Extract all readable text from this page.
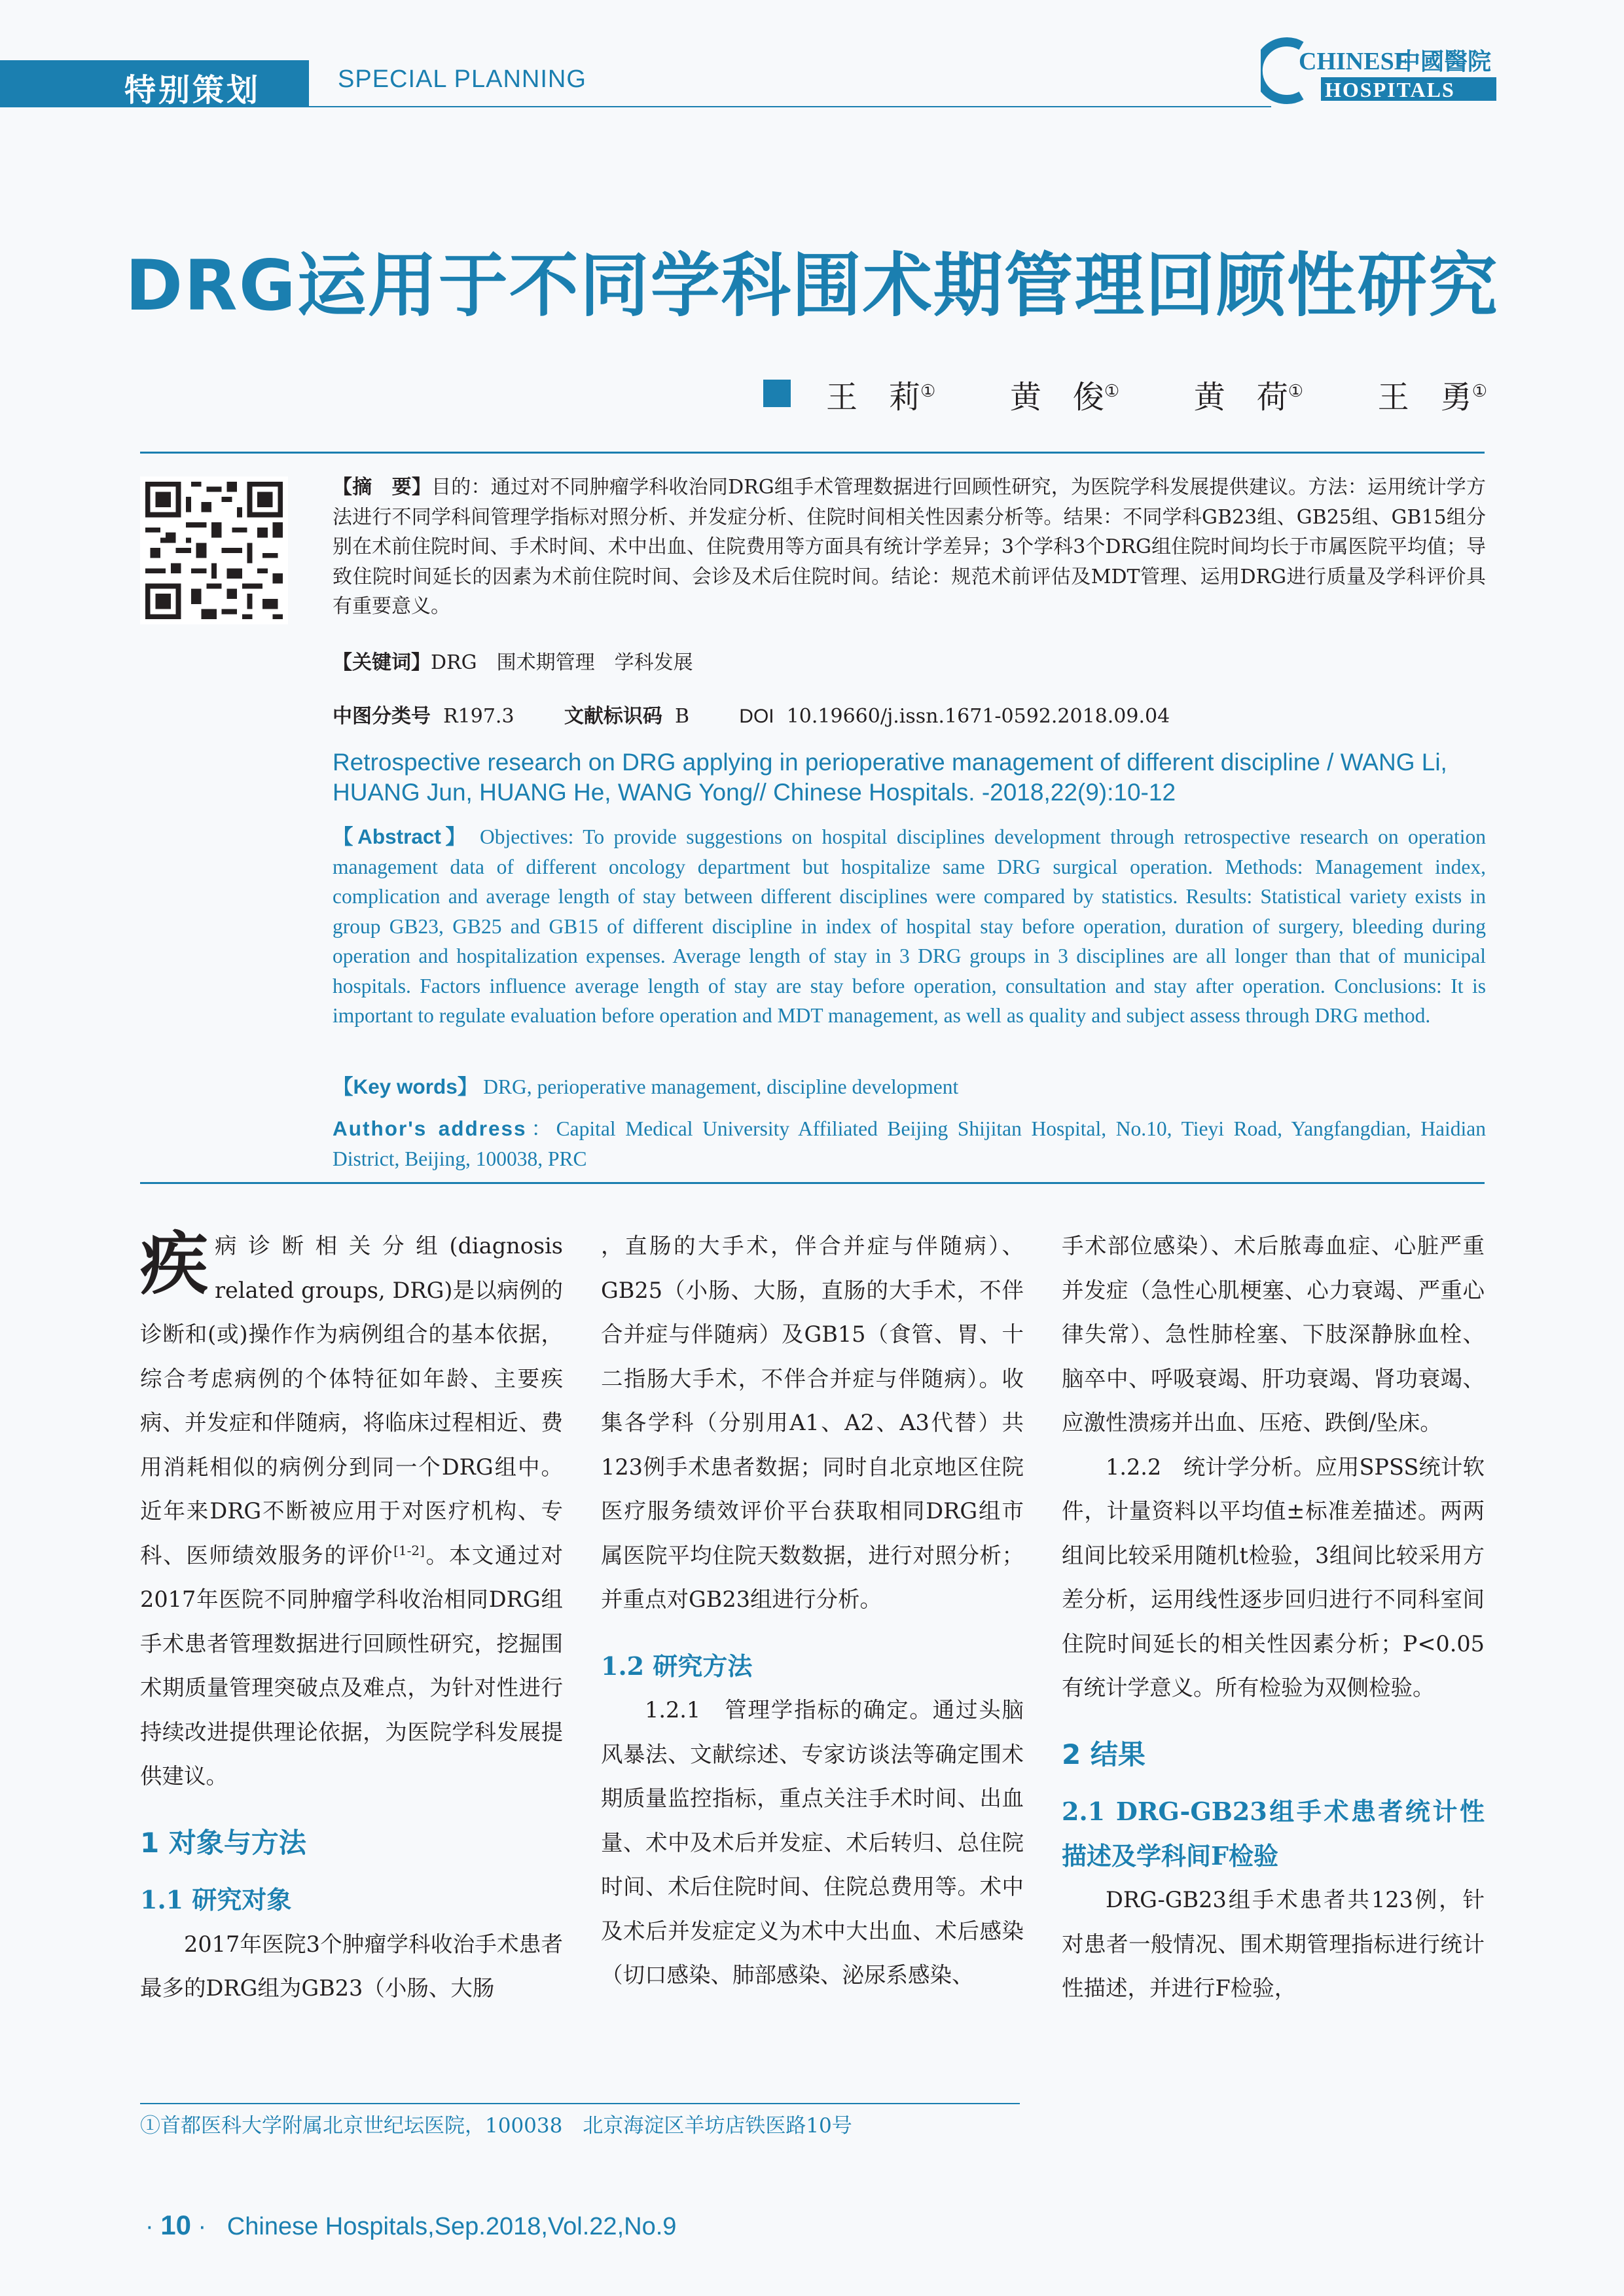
特别策划	SPECIAL PLANNING
CHINESE
中國醫院
HOSPITALS
DRG运用于不同学科围术期管理回顾性研究
王　莉① 黄　俊① 黄　荷① 王　勇①
【摘　要】目的：通过对不同肿瘤学科收治同DRG组手术管理数据进行回顾性研究，为医院学科发展提供建议。方法：运用统计学方法进行不同学科间管理学指标对照分析、并发症分析、住院时间相关性因素分析等。结果：不同学科GB23组、GB25组、GB15组分别在术前住院时间、手术时间、术中出血、住院费用等方面具有统计学差异；3个学科3个DRG组住院时间均长于市属医院平均值；导致住院时间延长的因素为术前住院时间、会诊及术后住院时间。结论：规范术前评估及MDT管理、运用DRG进行质量及学科评价具有重要意义。
【关键词】DRG　围术期管理　学科发展
中图分类号 R197.3	文献标识码 B	DOI 10.19660/j.issn.1671-0592.2018.09.04
Retrospective research on DRG applying in perioperative management of different discipline / WANG Li, HUANG Jun, HUANG He, WANG Yong// Chinese Hospitals. -2018,22(9):10-12
【Abstract】 Objectives: To provide suggestions on hospital disciplines development through retrospective research on operation management data of different oncology department but hospitalize same DRG surgical operation. Methods: Management index, complication and average length of stay between different disciplines were compared by statistics. Results: Statistical variety exists in group GB23, GB25 and GB15 of different discipline in index of hospital stay before operation, duration of surgery, bleeding during operation and hospitalization expenses. Average length of stay in 3 DRG groups in 3 disciplines are all longer than that of municipal hospitals. Factors influence average length of stay are stay before operation, consultation and stay after operation. Conclusions: It is important to regulate evaluation before operation and MDT management, as well as quality and subject assess through DRG method.
【Key words】 DRG, perioperative management, discipline development
Author's address：Capital Medical University Affiliated Beijing Shijitan Hospital, No.10, Tieyi Road, Yangfangdian, Haidian District, Beijing, 100038, PRC

疾病诊断相关分组(diagnosis related groups, DRG)是以病例的诊断和(或)操作作为病例组合的基本依据，综合考虑病例的个体特征如年龄、主要疾病、并发症和伴随病，将临床过程相近、费用消耗相似的病例分到同一个DRG组中。近年来DRG不断被应用于对医疗机构、专科、医师绩效服务的评价[1-2]。本文通过对2017年医院不同肿瘤学科收治相同DRG组手术患者管理数据进行回顾性研究，挖掘围术期质量管理突破点及难点，为针对性进行持续改进提供理论依据，为医院学科发展提供建议。

1 对象与方法

1.1 研究对象

2017年医院3个肿瘤学科收治手术患者最多的DRG组为GB23（小肠、大肠

，直肠的大手术，伴合并症与伴随病）、GB25（小肠、大肠，直肠的大手术，不伴合并症与伴随病）及GB15（食管、胃、十二指肠大手术，不伴合并症与伴随病）。收集各学科（分别用A1、A2、A3代替）共123例手术患者数据；同时自北京地区住院医疗服务绩效评价平台获取相同DRG组市属医院平均住院天数数据，进行对照分析；并重点对GB23组进行分析。

1.2 研究方法

1.2.1　管理学指标的确定。通过头脑风暴法、文献综述、专家访谈法等确定围术期质量监控指标，重点关注手术时间、出血量、术中及术后并发症、术后转归、总住院时间、术后住院时间、住院总费用等。术中及术后并发症定义为术中大出血、术后感染（切口感染、肺部感染、泌尿系感染、

手术部位感染）、术后脓毒血症、心脏严重并发症（急性心肌梗塞、心力衰竭、严重心律失常）、急性肺栓塞、下肢深静脉血栓、脑卒中、呼吸衰竭、肝功衰竭、肾功衰竭、应激性溃疡并出血、压疮、跌倒/坠床。

1.2.2　统计学分析。应用SPSS统计软件，计量资料以平均值±标准差描述。两两组间比较采用随机t检验，3组间比较采用方差分析，运用线性逐步回归进行不同科室间住院时间延长的相关性因素分析；P<0.05有统计学意义。所有检验为双侧检验。

2 结果

2.1 DRG-GB23组手术患者统计性描述及学科间F检验

DRG-GB23组手术患者共123例，针对患者一般情况、围术期管理指标进行统计性描述，并进行F检验，

①首都医科大学附属北京世纪坛医院，100038　北京海淀区羊坊店铁医路10号
· 10 ·   Chinese Hospitals,Sep.2018,Vol.22,No.9
